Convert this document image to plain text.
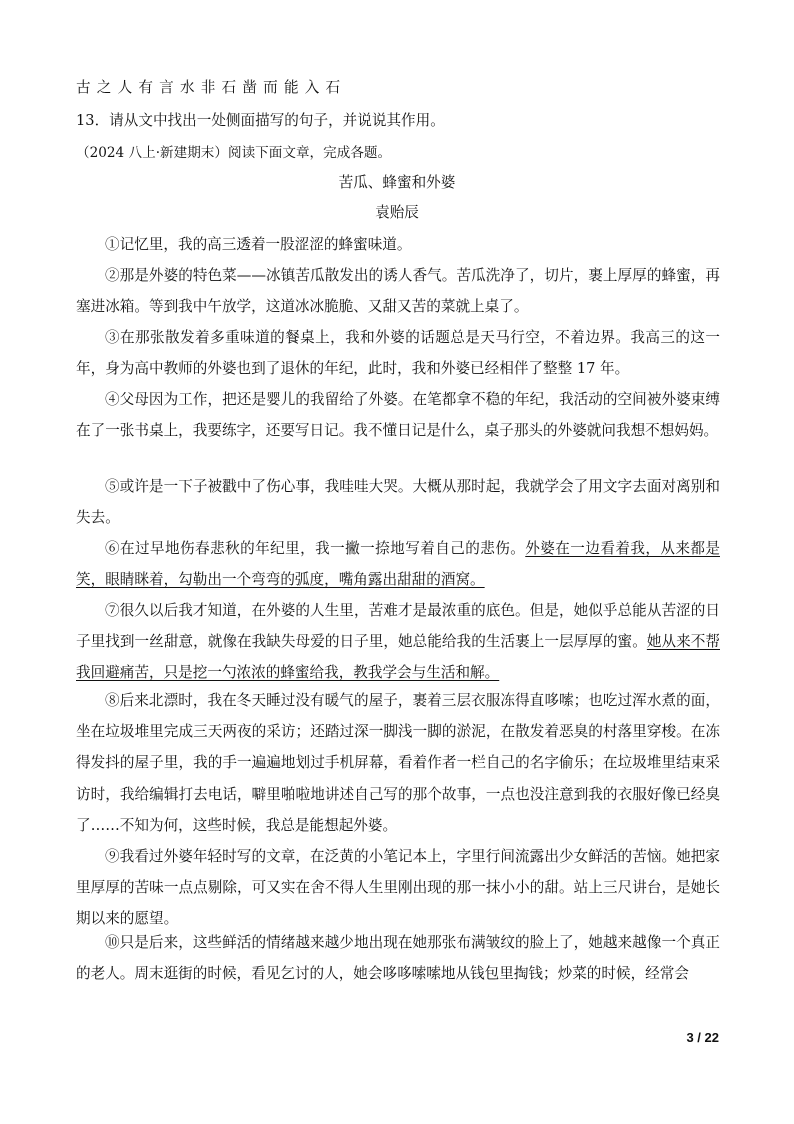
古之人有言水非石凿而能入石
13．请从文中找出一处侧面描写的句子，并说说其作用。
（2024 八上·新建期末）阅读下面文章，完成各题。
苦瓜、蜂蜜和外婆
袁贻辰
①记忆里，我的高三透着一股涩涩的蜂蜜味道。
②那是外婆的特色菜——冰镇苦瓜散发出的诱人香气。苦瓜洗净了，切片，裹上厚厚的蜂蜜，再塞进冰箱。等到我中午放学，这道冰冰脆脆、又甜又苦的菜就上桌了。
③在那张散发着多重味道的餐桌上，我和外婆的话题总是天马行空，不着边界。我高三的这一年，身为高中教师的外婆也到了退休的年纪，此时，我和外婆已经相伴了整整 17 年。
④父母因为工作，把还是婴儿的我留给了外婆。在笔都拿不稳的年纪，我活动的空间被外婆束缚在了一张书桌上，我要练字，还要写日记。我不懂日记是什么，桌子那头的外婆就问我想不想妈妈。
⑤或许是一下子被戳中了伤心事，我哇哇大哭。大概从那时起，我就学会了用文字去面对离别和失去。
⑥在过早地伤春悲秋的年纪里，我一撇一捺地写着自己的悲伤。外婆在一边看着我，从来都是笑，眼睛眯着，勾勒出一个弯弯的弧度，嘴角露出甜甜的酒窝。
⑦很久以后我才知道，在外婆的人生里，苦难才是最浓重的底色。但是，她似乎总能从苦涩的日子里找到一丝甜意，就像在我缺失母爱的日子里，她总能给我的生活裹上一层厚厚的蜜。她从来不帮我回避痛苦，只是挖一勺浓浓的蜂蜜给我，教我学会与生活和解。
⑧后来北漂时，我在冬天睡过没有暖气的屋子，裹着三层衣服冻得直哆嗦；也吃过浑水煮的面，坐在垃圾堆里完成三天两夜的采访；还踏过深一脚浅一脚的淤泥，在散发着恶臭的村落里穿梭。在冻得发抖的屋子里，我的手一遍遍地划过手机屏幕，看着作者一栏自己的名字偷乐；在垃圾堆里结束采访时，我给编辑打去电话，噼里啪啦地讲述自己写的那个故事，一点也没注意到我的衣服好像已经臭了……不知为何，这些时候，我总是能想起外婆。
⑨我看过外婆年轻时写的文章，在泛黄的小笔记本上，字里行间流露出少女鲜活的苦恼。她把家里厚厚的苦味一点点剔除，可又实在舍不得人生里刚出现的那一抹小小的甜。站上三尺讲台，是她长期以来的愿望。
⑩只是后来，这些鲜活的情绪越来越少地出现在她那张布满皱纹的脸上了，她越来越像一个真正的老人。周末逛街的时候，看见乞讨的人，她会哆哆嗦嗦地从钱包里掏钱；炒菜的时候，经常会
3 / 22
